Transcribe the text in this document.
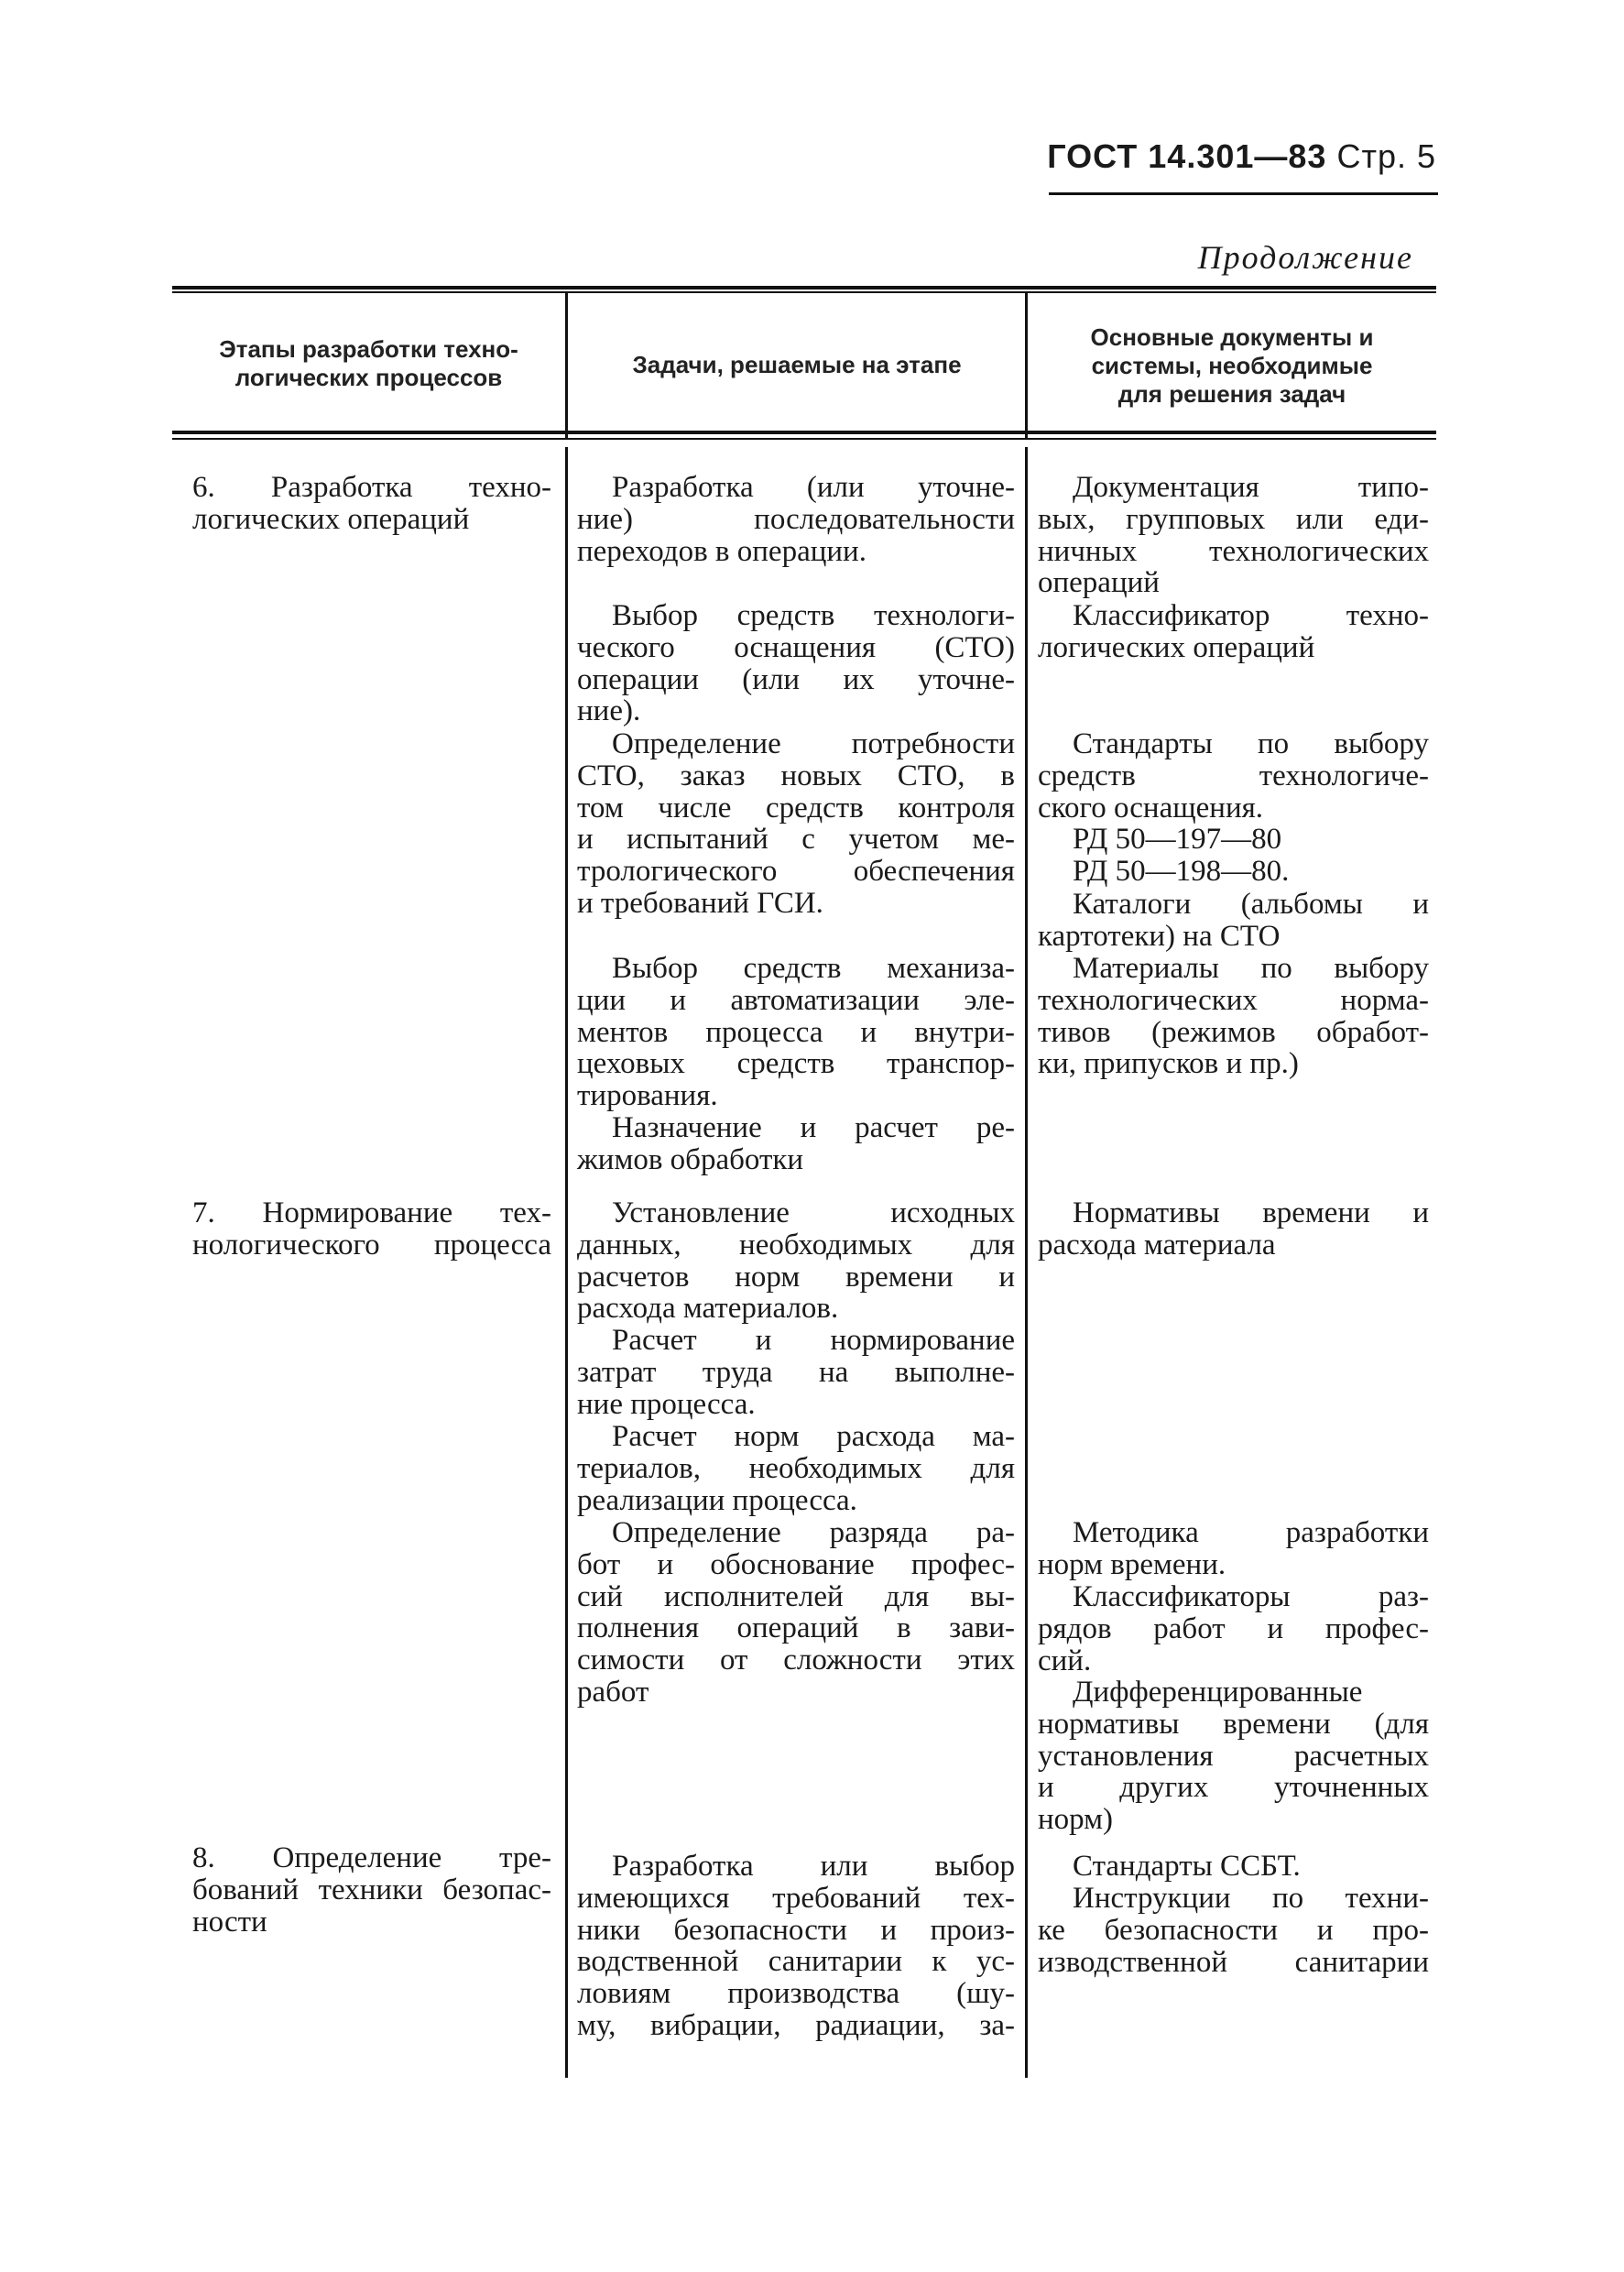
ГОСТ 14.301—83 Стр. 5
Продолжение
Этапы разработки техно-
логических процессов	Задачи, решаемые на этапе
Основные документы и
системы, необходимые
для решения задач
6. Разработка техно-
логических операций
7. Нормирование тех-
нологического процесса
8. Определение тре-
бований техники безопас-
ности
Разработка (или уточне-
ние) последовательности
переходов в операции.
Выбор средств технологи-
ческого оснащения (СТО)
операции (или их уточне-
ние).
Определение потребности
СТО, заказ новых СТО, в
том числе средств контроля
и испытаний с учетом ме-
трологического обеспечения
и требований ГСИ.
Выбор средств механиза-
ции и автоматизации эле-
ментов процесса и внутри-
цеховых средств транспор-
тирования.
Назначение и расчет ре-
жимов обработки
Установление исходных
данных, необходимых для
расчетов норм времени и
расхода материалов.
Расчет и нормирование
затрат труда на выполне-
ние процесса.
Расчет норм расхода ма-
териалов, необходимых для
реализации процесса.
Определение разряда ра-
бот и обоснование профес-
сий исполнителей для вы-
полнения операций в зави-
симости от сложности этих
работ
Разработка или выбор
имеющихся требований тех-
ники безопасности и произ-
водственной санитарии к ус-
ловиям производства (шу-
му, вибрации, радиации, за-
Документация типо-
вых, групповых или еди-
ничных технологических
операций
Классификатор техно-
логических операций
Стандарты по выбору
средств технологиче-
ского оснащения.
РД 50—197—80
РД 50—198—80.
Каталоги (альбомы и
картотеки) на СТО
Материалы по выбору
технологических норма-
тивов (режимов обработ-
ки, припусков и пр.)
Нормативы времени и
расхода материала
Методика разработки
норм времени.
Классификаторы раз-
рядов работ и профес-
сий.
Дифференцированные
нормативы времени (для
установления расчетных
и других уточненных
норм)
Стандарты ССБТ.
Инструкции по техни-
ке безопасности и про-
изводственной санитарии
